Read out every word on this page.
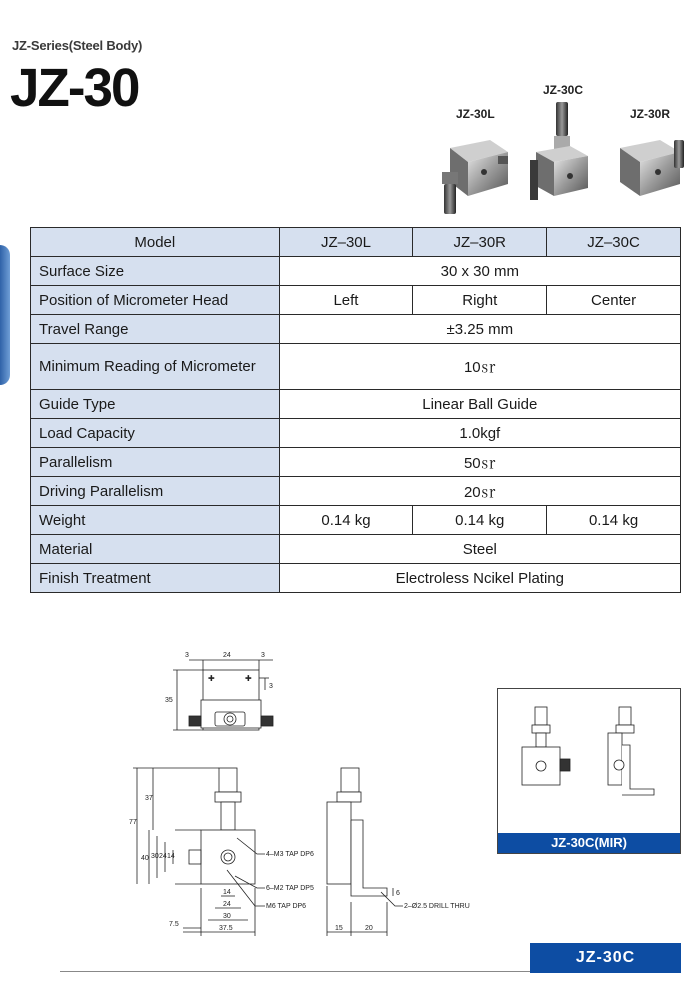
JZ-Series(Steel Body)
JZ-30	JZ-30L
JZ-30C
JZ-30R
Model	JZ–30L	JZ–30R	JZ–30C
Surface Size	30 x 30 mm		
Position of Micrometer Head	Left	Right	Center
Travel Range	±3.25 mm		
Minimum Reading of Micrometer	10㏛		
Guide Type	Linear Ball Guide		
Load Capacity	1.0kgf		
Parallelism	50㏛		
Driving Parallelism	20㏛		
Weight	0.14 kg	0.14 kg	0.14 kg
Material	Steel		
Finish Treatment	Electroless Ncikel Plating		
✚	✚
3	24	3
3
35
77
37
40 30 24 14
14
24
30
7.5
37.5	15	20
6
4–M3 TAP DP6
6–M2 TAP DP5
M6 TAP DP6	2–Ø2.5 DRILL THRU
JZ-30C(MIR)
JZ-30C
